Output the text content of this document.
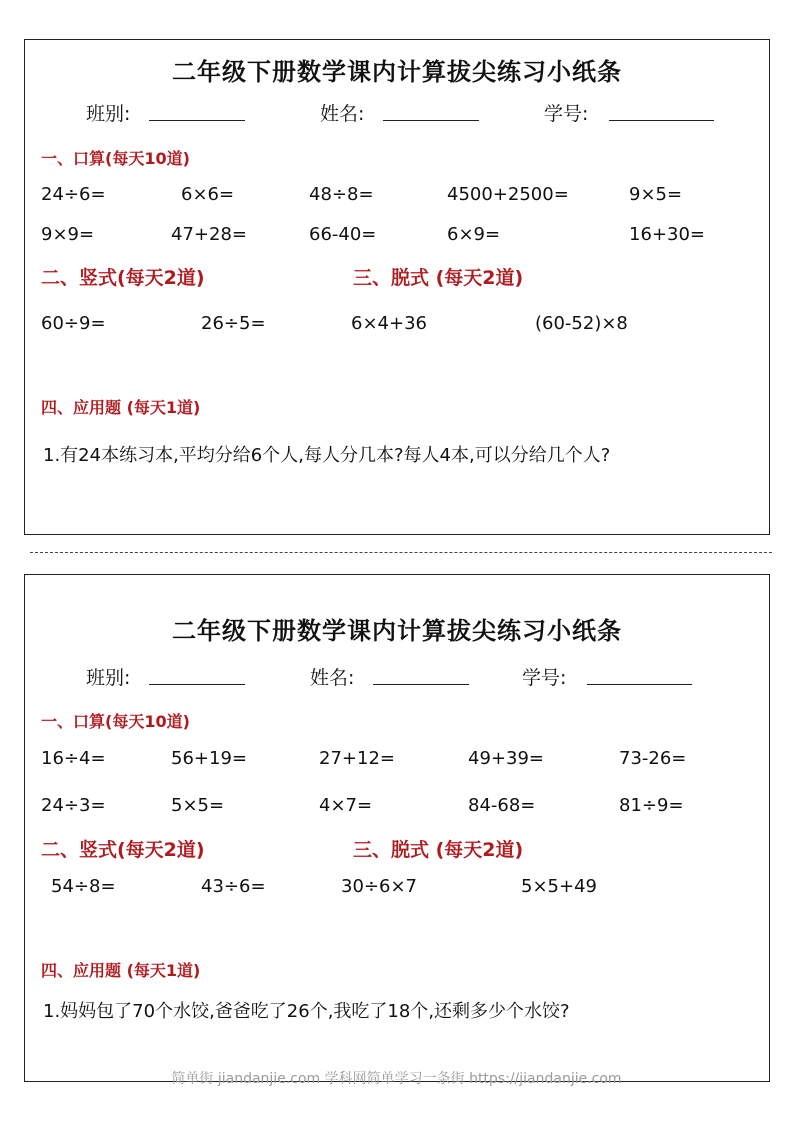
二年级下册数学课内计算拔尖练习小纸条
班别:	姓名:	学号:
一、口算(每天10道)
24÷6=	6×6=	48÷8=	4500+2500=	9×5=
9×9=	47+28=	66-40=	6×9=	16+30=
二、竖式(每天2道)	三、脱式 (每天2道)
60÷9=	26÷5=	6×4+36	(60-52)×8
四、应用题 (每天1道)
1.有24本练习本,平均分给6个人,每人分几本?每人4本,可以分给几个人?
二年级下册数学课内计算拔尖练习小纸条
班别:	姓名:	学号:
一、口算(每天10道)
16÷4=	56+19=	27+12=	49+39=	73-26=
24÷3=	5×5=	4×7=	84-68=	81÷9=
二、竖式(每天2道)	三、脱式 (每天2道)
54÷8=	43÷6=	30÷6×7	5×5+49
四、应用题 (每天1道)
1.妈妈包了70个水饺,爸爸吃了26个,我吃了18个,还剩多少个水饺?
简单街 jiandanjie.com 学科网简单学习一条街 https://jiandanjie.com
